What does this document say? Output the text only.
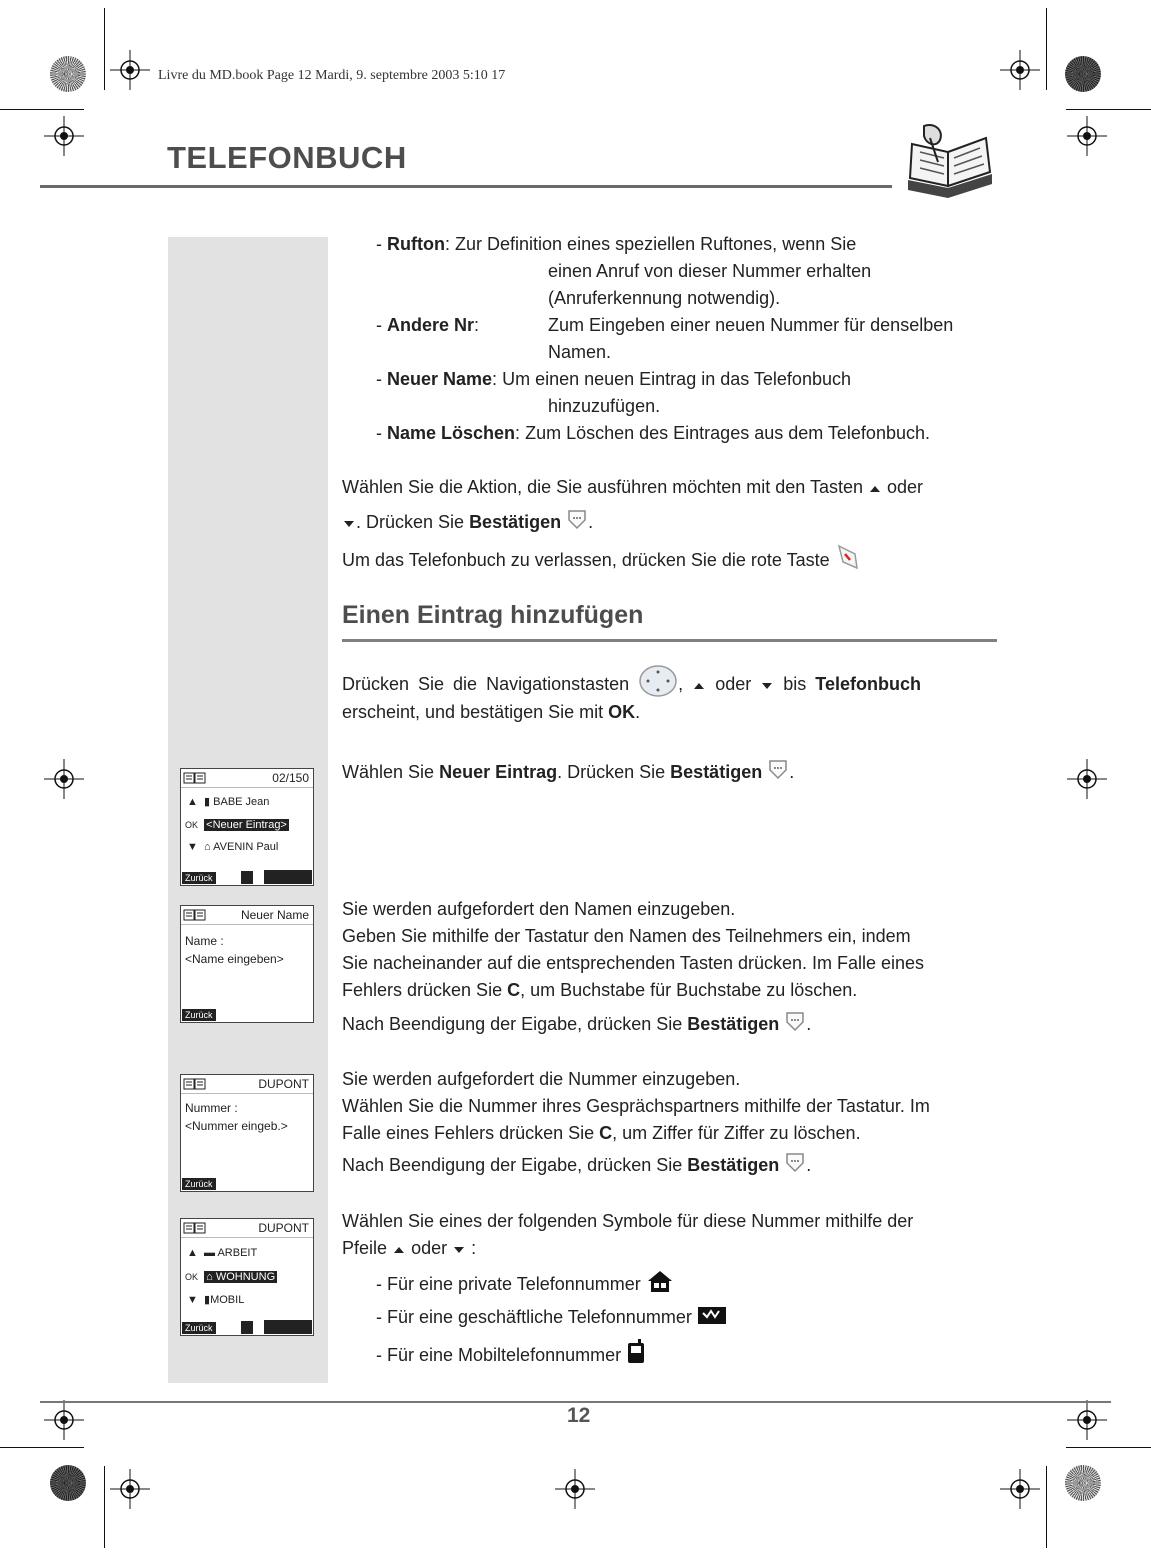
Livre du MD.book Page 12 Mardi, 9. septembre 2003 5:10 17
TELEFONBUCH
- Rufton: Zur Definition eines speziellen Ruftones, wenn Sie
einen Anruf von dieser Nummer erhalten
(Anruferkennung notwendig).
- Andere Nr:	Zum Eingeben einer neuen Nummer für denselben
Namen.
- Neuer Name: Um einen neuen Eintrag in das Telefonbuch
hinzuzufügen.
- Name Löschen: Zum Löschen des Eintrages aus dem Telefonbuch.
Wählen Sie die Aktion, die Sie ausführen möchten mit den Tasten oder
. Drücken Sie Bestätigen .
Um das Telefonbuch zu verlassen, drücken Sie die rote Taste
Einen Eintrag hinzufügen
Drücken Sie die Navigationstasten	,  oder bis Telefonbuch
erscheint, und bestätigen Sie mit OK.
Wählen Sie Neuer Eintrag. Drücken Sie Bestätigen .
Sie werden aufgefordert den Namen einzugeben.
Geben Sie mithilfe der Tastatur den Namen des Teilnehmers ein, indem
Sie nacheinander auf die entsprechenden Tasten drücken. Im Falle eines
Fehlers drücken Sie C, um Buchstabe für Buchstabe zu löschen.
Nach Beendigung der Eigabe, drücken Sie Bestätigen .
Sie werden aufgefordert die Nummer einzugeben.
Wählen Sie die Nummer ihres Gesprächspartners mithilfe der Tastatur. Im
Falle eines Fehlers drücken Sie C, um Ziffer für Ziffer zu löschen.
Nach Beendigung der Eigabe, drücken Sie Bestätigen .
Wählen Sie eines der folgenden Symbole für diese Nummer mithilfe der
Pfeile oder  :
- Für eine private Telefonnummer
- Für eine geschäftliche Telefonnummer
- Für eine Mobiltelefonnummer
02/150
▲ ▮ BABE Jean
OK <Neuer Eintrag>
▼ ⌂ AVENIN Paul
Zurück
Neuer Name
Name :
<Name eingeben>
Zurück
DUPONT
Nummer :
<Nummer eingeb.>
Zurück
DUPONT
▲ ▬ ARBEIT
OK ⌂ WOHNUNG
▼ ▮MOBIL
Zurück
12
